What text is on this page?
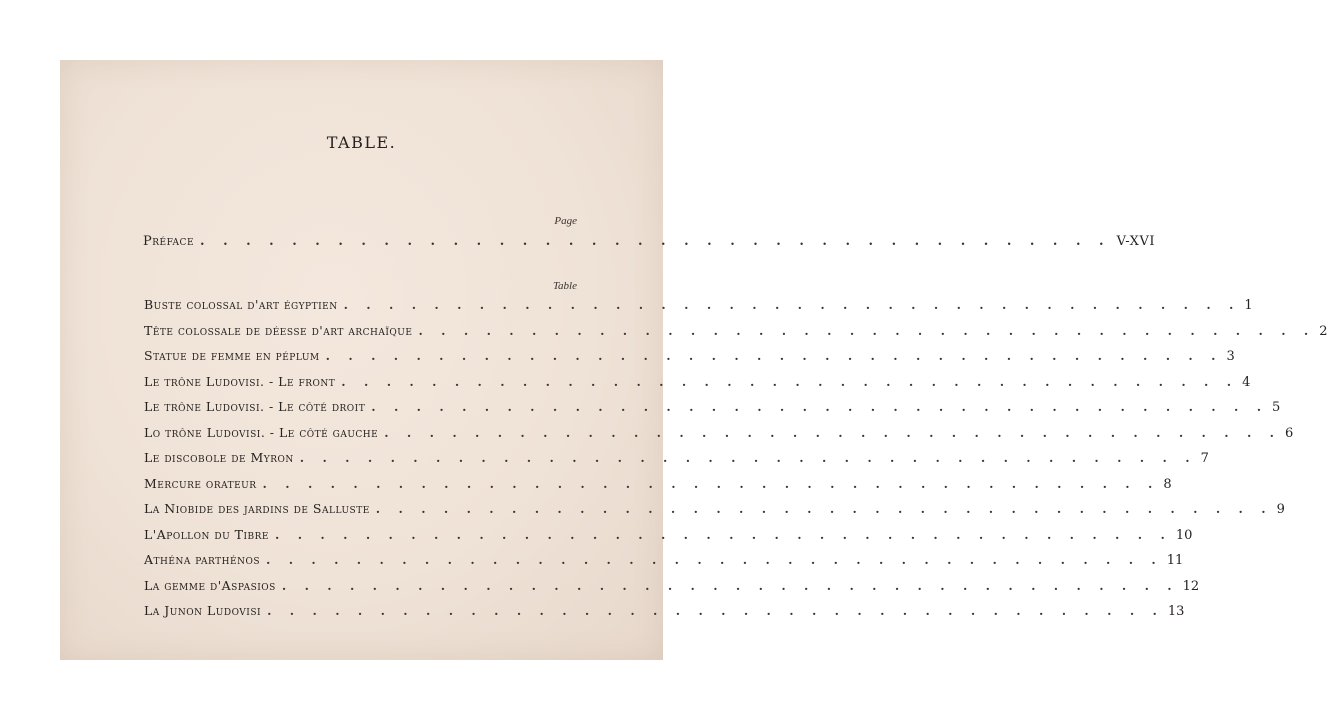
TABLE.
Page
Préface . . . . . . . . . . . . . . . . . . . . . . . . . . . . . . . . . . . . . . . . V-XVI
Table
Buste colossal d'art égyptien . . . . . . . . . . . . . . . . . . . . . . . . . . . . . . . . . . . . . . . . 1
Tête colossale de déesse d'art archaïque . . . . . . . . . . . . . . . . . . . . . . . . . . . . . . . . . . . . . . . . 2
Statue de femme en péplum . . . . . . . . . . . . . . . . . . . . . . . . . . . . . . . . . . . . . . . . 3
Le trône Ludovisi. - Le front . . . . . . . . . . . . . . . . . . . . . . . . . . . . . . . . . . . . . . . . 4
Le trône Ludovisi. - Le côté droit . . . . . . . . . . . . . . . . . . . . . . . . . . . . . . . . . . . . . . . . 5
Lo trône Ludovisi. - Le côté gauche . . . . . . . . . . . . . . . . . . . . . . . . . . . . . . . . . . . . . . . . 6
Le discobole de Myron . . . . . . . . . . . . . . . . . . . . . . . . . . . . . . . . . . . . . . . . 7
Mercure orateur . . . . . . . . . . . . . . . . . . . . . . . . . . . . . . . . . . . . . . . . 8
La Niobide des jardins de Salluste . . . . . . . . . . . . . . . . . . . . . . . . . . . . . . . . . . . . . . . . 9
L'Apollon du Tibre . . . . . . . . . . . . . . . . . . . . . . . . . . . . . . . . . . . . . . . . 10
Athéna parthénos . . . . . . . . . . . . . . . . . . . . . . . . . . . . . . . . . . . . . . . . 11
La gemme d'Aspasios . . . . . . . . . . . . . . . . . . . . . . . . . . . . . . . . . . . . . . . . 12
La Junon Ludovisi . . . . . . . . . . . . . . . . . . . . . . . . . . . . . . . . . . . . . . . . 13
